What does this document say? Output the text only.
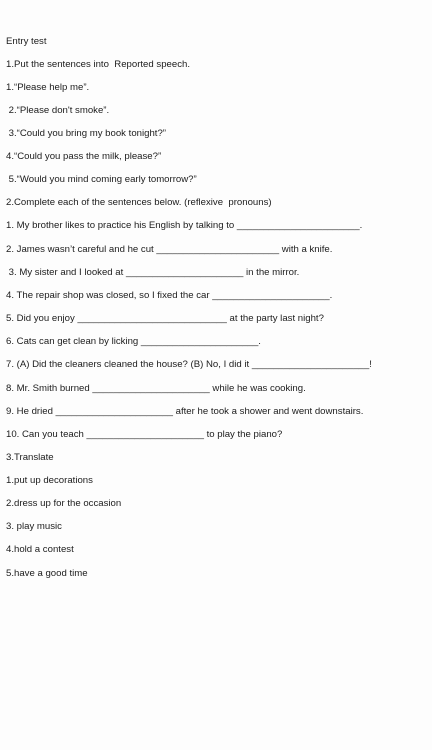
Entry test
1.Put the sentences into  Reported speech.
1.“Please help me”.
2.“Please don't smoke”.
3.“Could you bring my book tonight?”
4.“Could you pass the milk, please?”
5.“Would you mind coming early tomorrow?”
2.Complete each of the sentences below. (reflexive  pronouns)
1. My brother likes to practice his English by talking to _______________________.
2. James wasn’t careful and he cut _______________________ with a knife.
3. My sister and I looked at ______________________ in the mirror.
4. The repair shop was closed, so I fixed the car ______________________.
5. Did you enjoy ____________________________ at the party last night?
6. Cats can get clean by licking ______________________.
7. (A) Did the cleaners cleaned the house? (B) No, I did it ______________________!
8. Mr. Smith burned ______________________ while he was cooking.
9. He dried ______________________ after he took a shower and went downstairs.
10. Can you teach ______________________ to play the piano?
3.Translate
1.put up decorations
2.dress up for the occasion
3. play music
4.hold a contest
5.have a good time
